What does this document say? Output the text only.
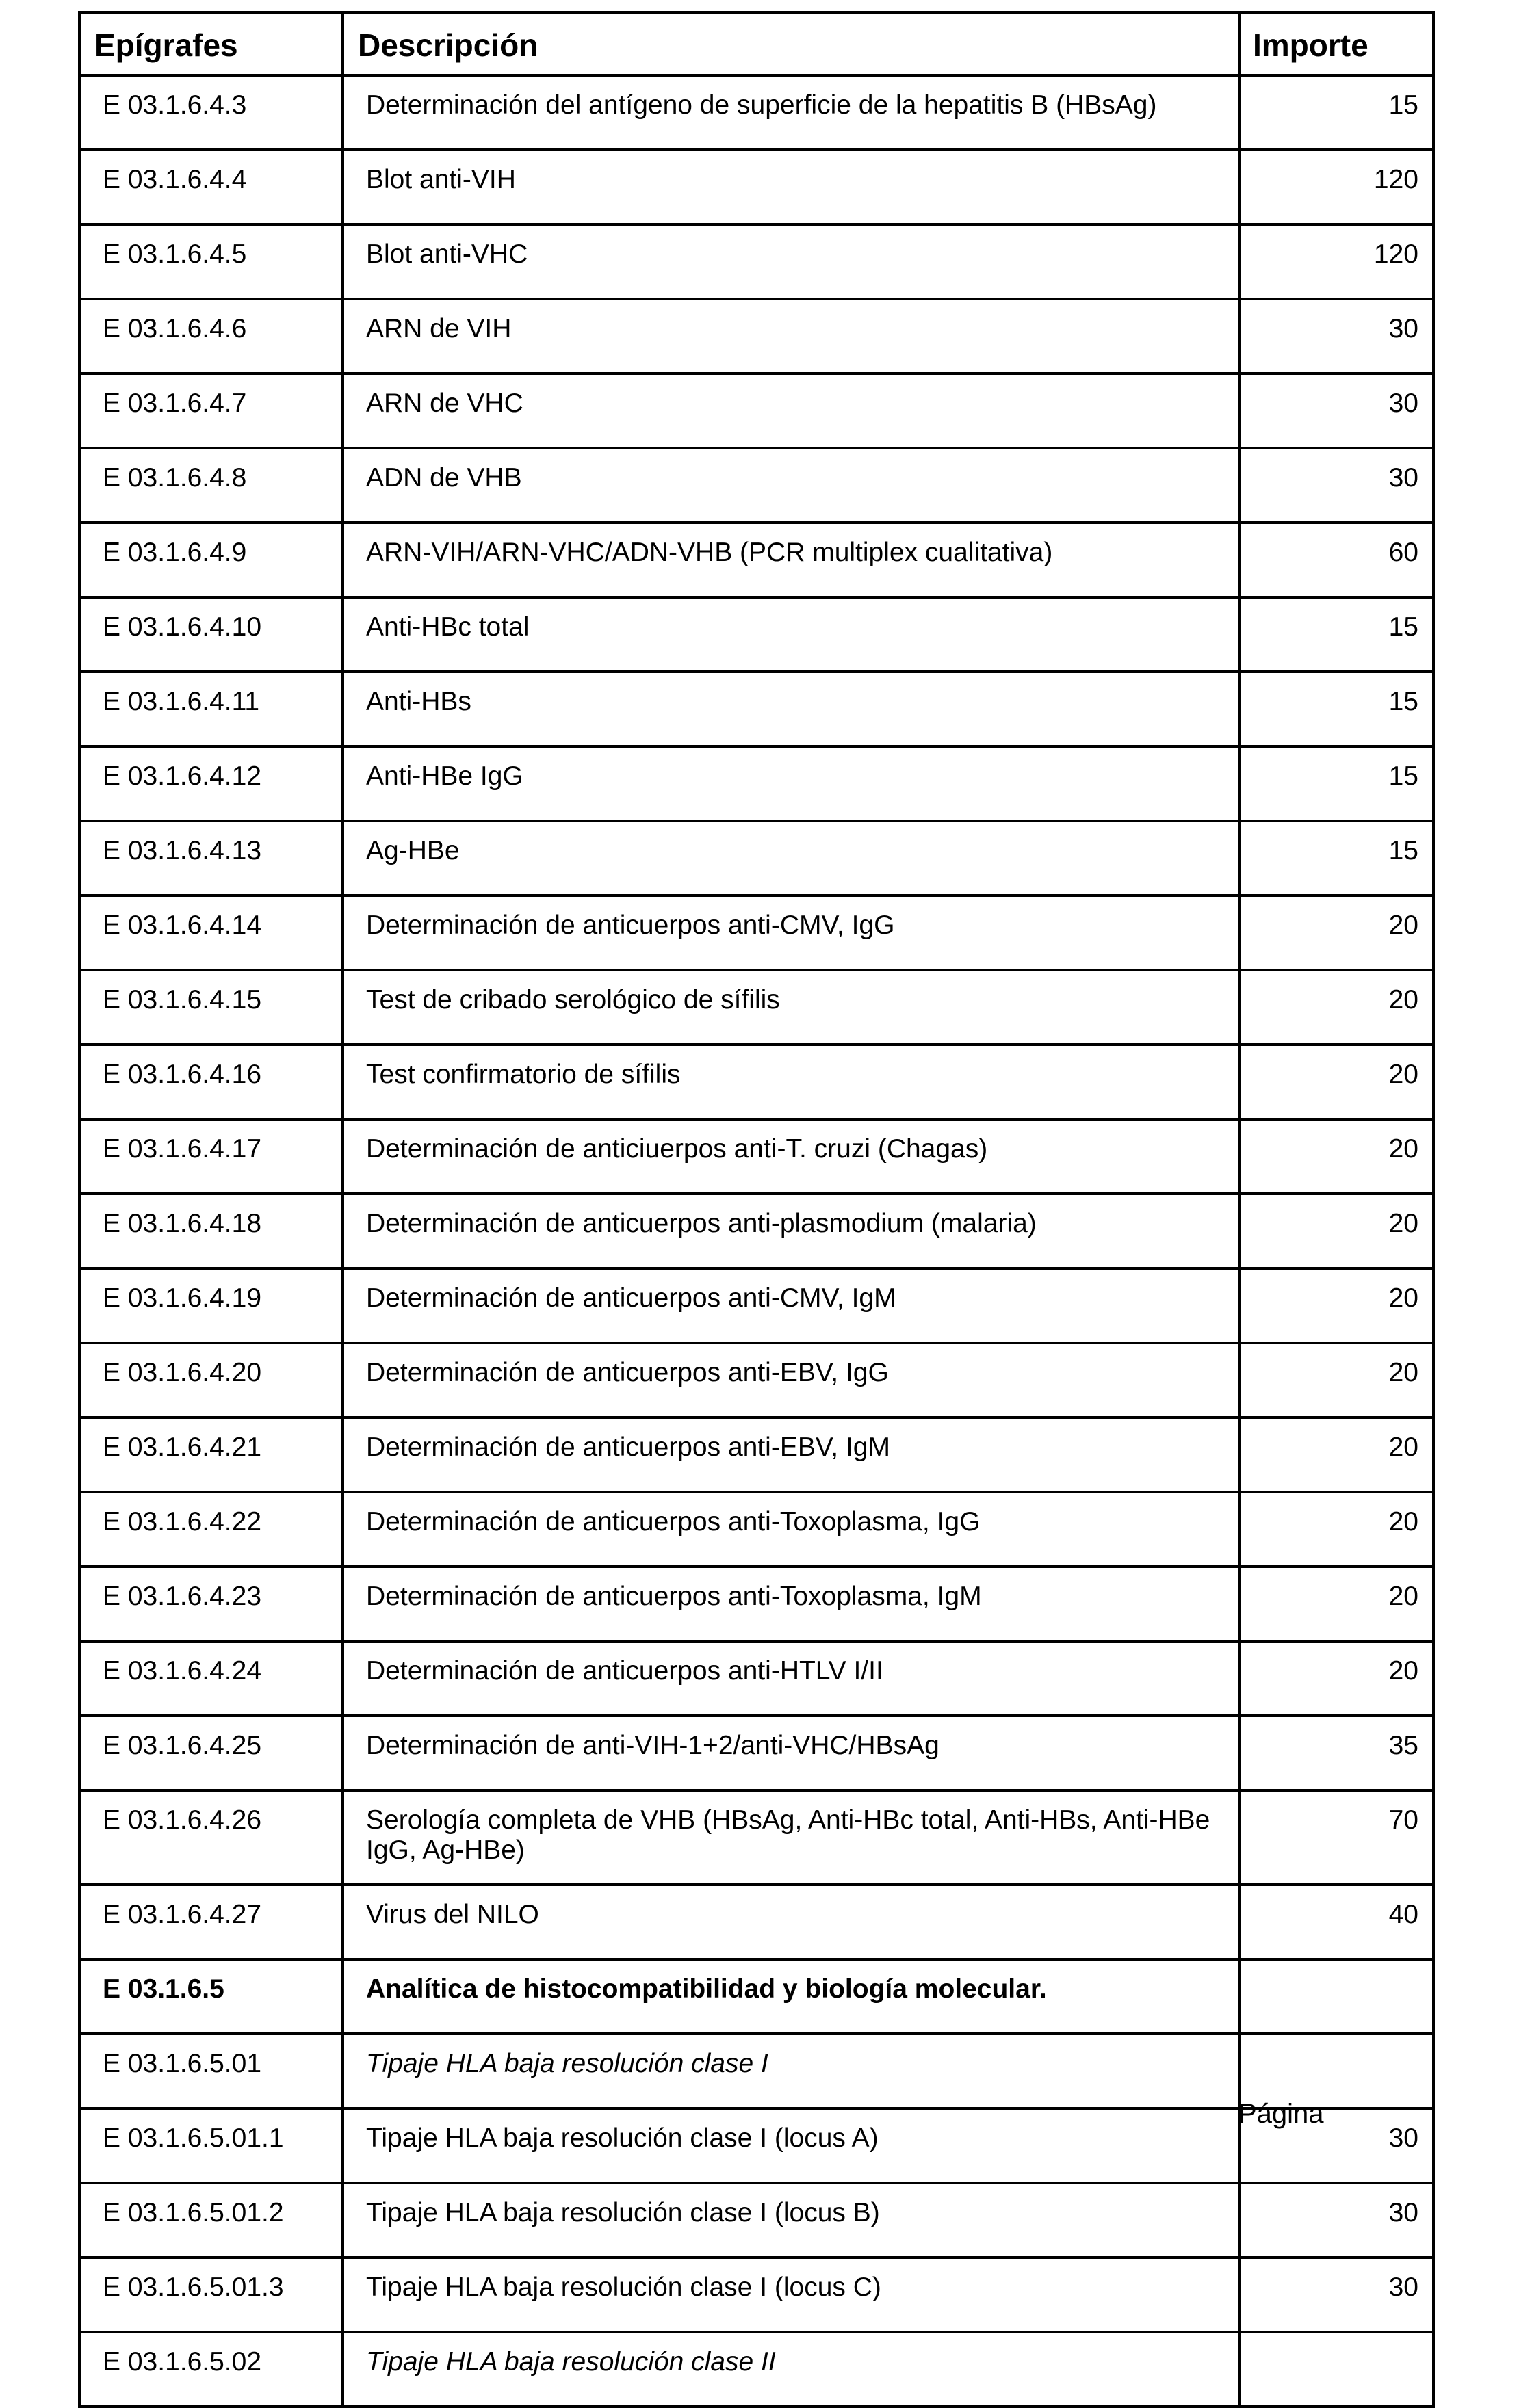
Epígrafes	Descripción	Importe
E 03.1.6.4.3	Determinación del antígeno de superficie de la hepatitis B (HBsAg)	15
E 03.1.6.4.4	Blot anti-VIH	120
E 03.1.6.4.5	Blot anti-VHC	120
E 03.1.6.4.6	ARN de VIH	30
E 03.1.6.4.7	ARN de VHC	30
E 03.1.6.4.8	ADN de VHB	30
E 03.1.6.4.9	ARN-VIH/ARN-VHC/ADN-VHB (PCR multiplex cualitativa)	60
E 03.1.6.4.10	Anti-HBc total	15
E 03.1.6.4.11	Anti-HBs	15
E 03.1.6.4.12	Anti-HBe IgG	15
E 03.1.6.4.13	Ag-HBe	15
E 03.1.6.4.14	Determinación de anticuerpos anti-CMV, IgG	20
E 03.1.6.4.15	Test de cribado serológico de sífilis	20
E 03.1.6.4.16	Test confirmatorio de sífilis	20
E 03.1.6.4.17	Determinación de anticiuerpos anti-T. cruzi (Chagas)	20
E 03.1.6.4.18	Determinación de anticuerpos anti-plasmodium (malaria)	20
E 03.1.6.4.19	Determinación de anticuerpos anti-CMV, IgM	20
E 03.1.6.4.20	Determinación de anticuerpos anti-EBV, IgG	20
E 03.1.6.4.21	Determinación de anticuerpos anti-EBV, IgM	20
E 03.1.6.4.22	Determinación de anticuerpos anti-Toxoplasma, IgG	20
E 03.1.6.4.23	Determinación de anticuerpos anti-Toxoplasma, IgM	20
E 03.1.6.4.24	Determinación de anticuerpos anti-HTLV I/II	20
E 03.1.6.4.25	Determinación de anti-VIH-1+2/anti-VHC/HBsAg	35
E 03.1.6.4.26	Serología completa de VHB (HBsAg, Anti-HBc total, Anti-HBs, Anti-HBe IgG, Ag-HBe)	70
E 03.1.6.4.27	Virus del NILO	40
E 03.1.6.5	Analítica de histocompatibilidad y biología molecular.	
E 03.1.6.5.01	Tipaje HLA baja resolución clase I	
E 03.1.6.5.01.1	Tipaje HLA baja resolución clase I (locus A)	30
E 03.1.6.5.01.2	Tipaje HLA baja resolución clase I (locus B)	30
E 03.1.6.5.01.3	Tipaje HLA baja resolución clase I (locus C)	30
E 03.1.6.5.02	Tipaje HLA baja resolución clase II	
Página
